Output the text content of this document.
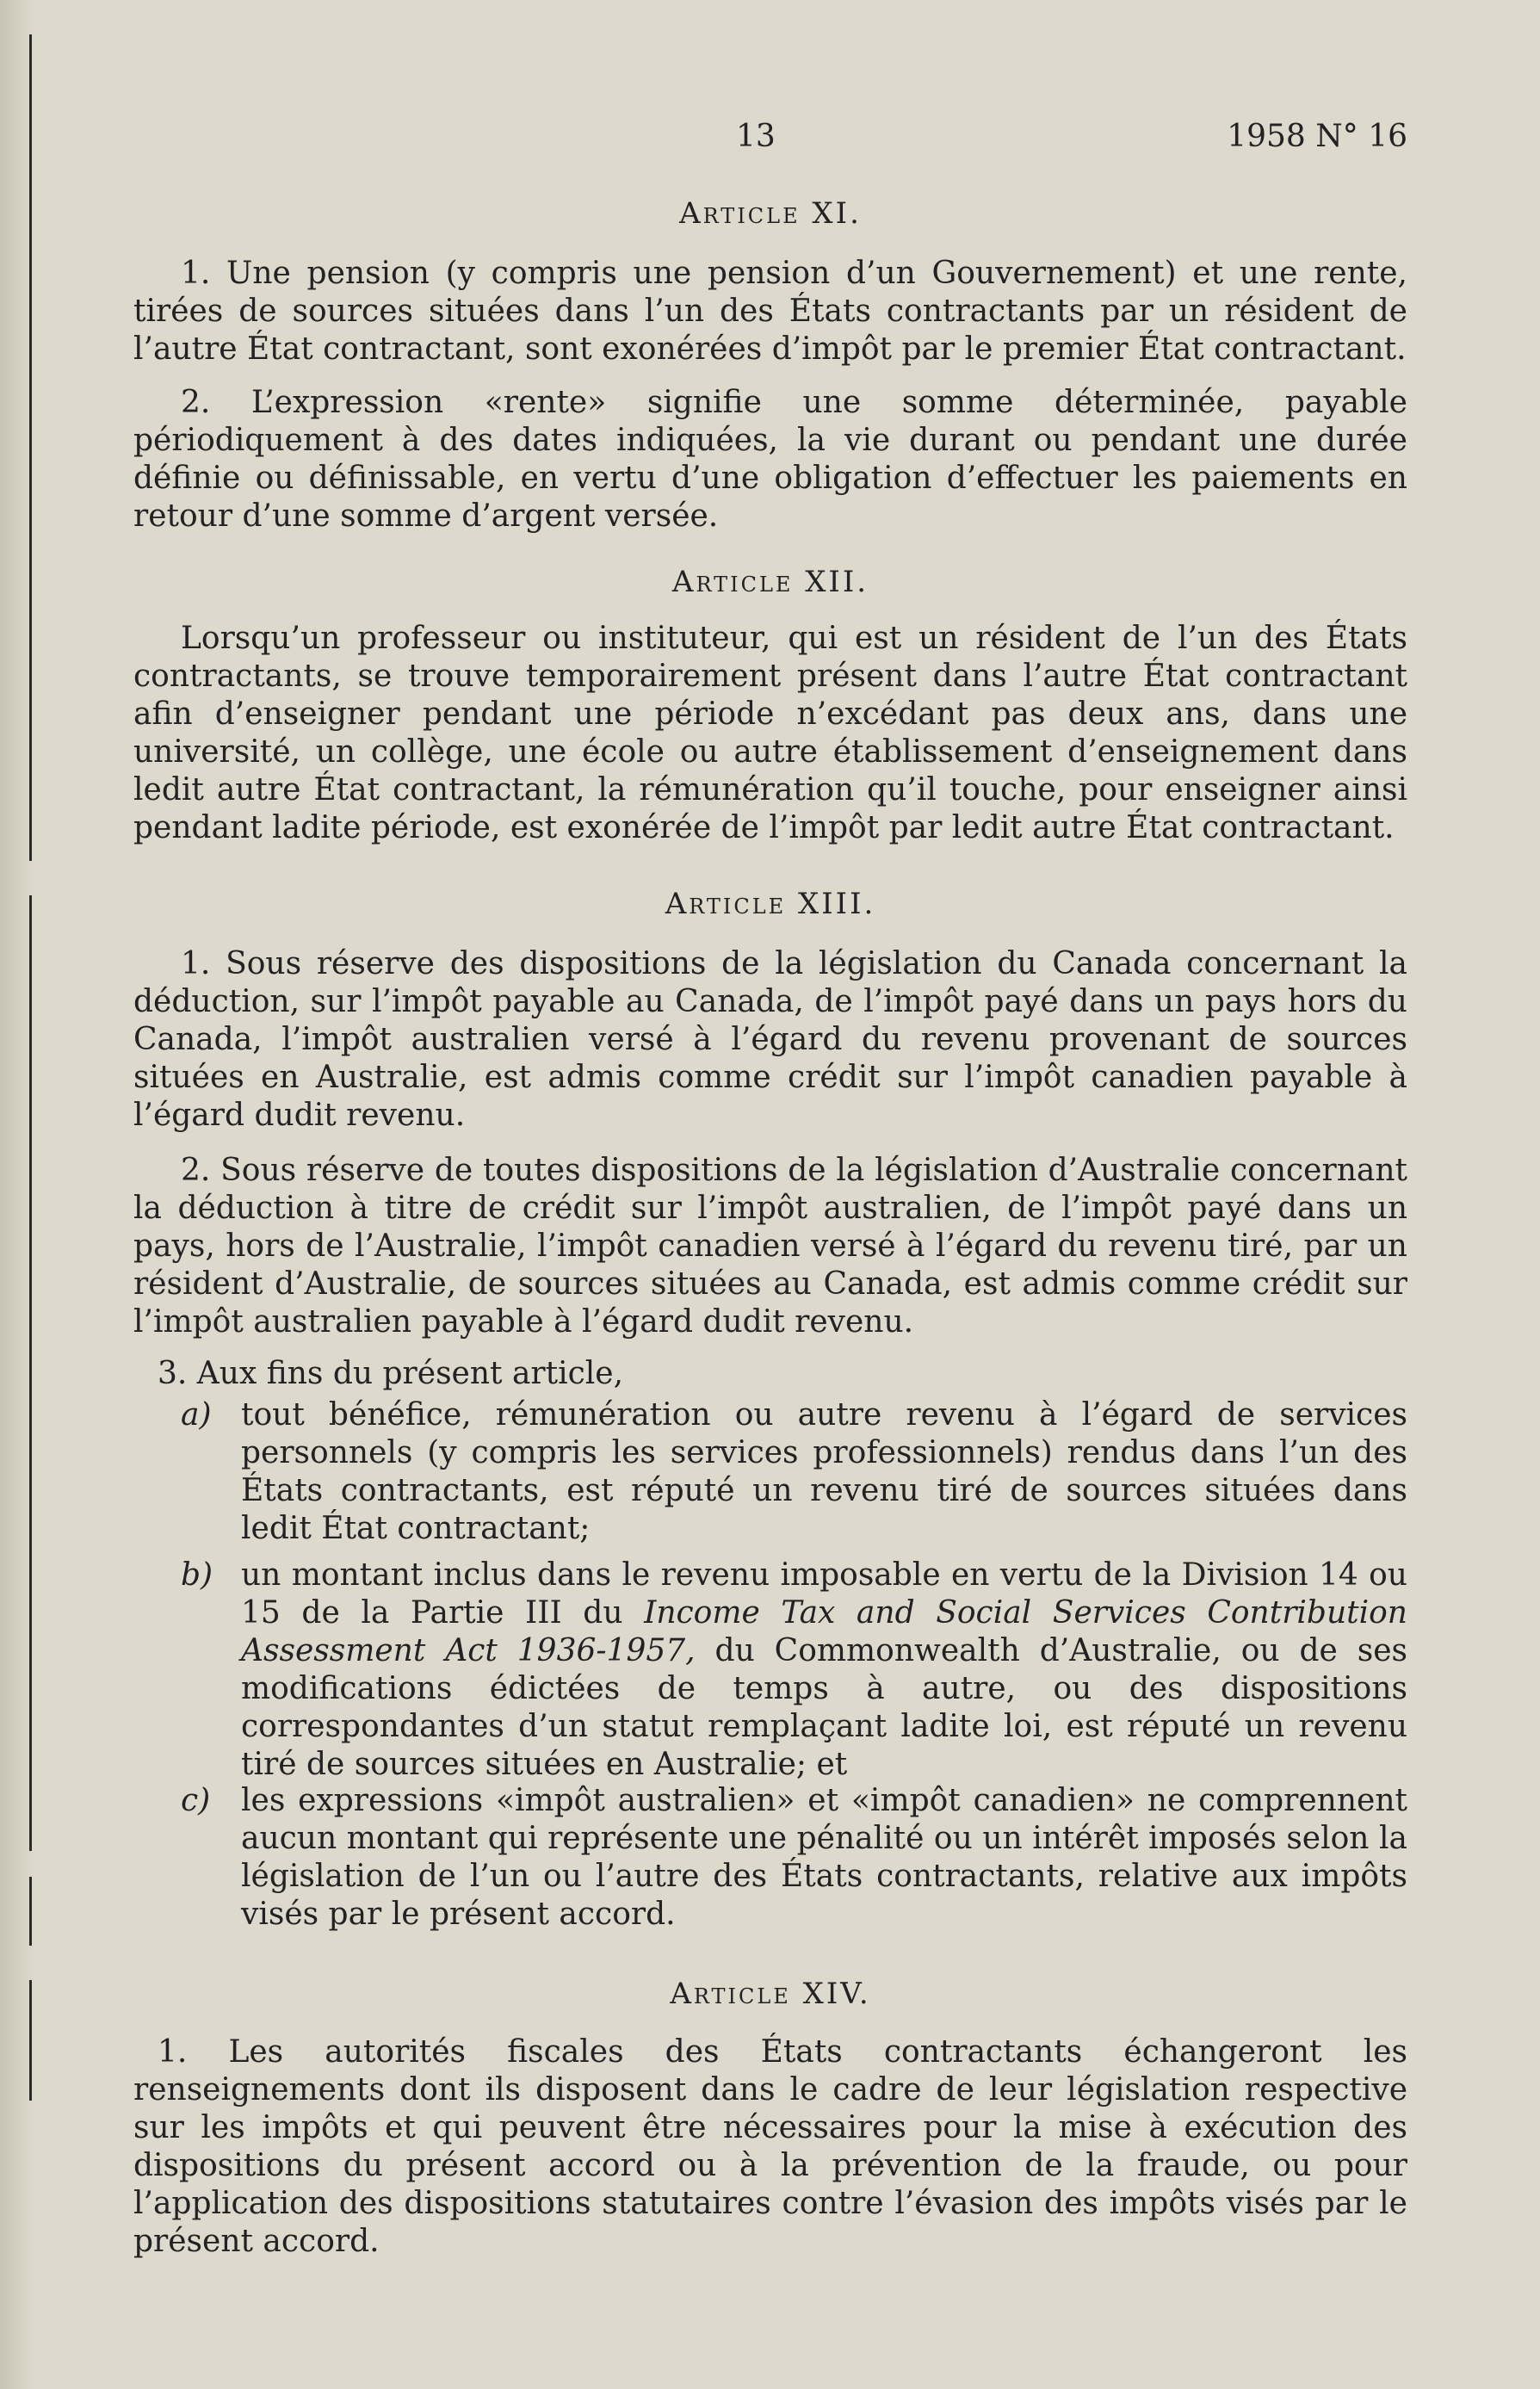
13	1958 N° 16
Article XI.
1. Une pension (y compris une pension d’un Gouvernement) et une rente, tirées de sources situées dans l’un des États contractants par un résident de l’autre État contractant, sont exonérées d’impôt par le premier État contractant.
2. L’expression «rente» signifie une somme déterminée, payable périodiquement à des dates indiquées, la vie durant ou pendant une durée définie ou définissable, en vertu d’une obligation d’effectuer les paiements en retour d’une somme d’argent versée.
Article XII.
Lorsqu’un professeur ou instituteur, qui est un résident de l’un des États contractants, se trouve temporairement présent dans l’autre État contractant afin d’enseigner pendant une période n’excédant pas deux ans, dans une université, un collège, une école ou autre établissement d’enseignement dans ledit autre État contractant, la rémunération qu’il touche, pour enseigner ainsi pendant ladite période, est exonérée de l’impôt par ledit autre État contractant.
Article XIII.
1. Sous réserve des dispositions de la législation du Canada concernant la déduction, sur l’impôt payable au Canada, de l’impôt payé dans un pays hors du Canada, l’impôt australien versé à l’égard du revenu provenant de sources situées en Australie, est admis comme crédit sur l’impôt canadien payable à l’égard dudit revenu.
2. Sous réserve de toutes dispositions de la législation d’Australie concernant la déduction à titre de crédit sur l’impôt australien, de l’impôt payé dans un pays, hors de l’Australie, l’impôt canadien versé à l’égard du revenu tiré, par un résident d’Australie, de sources situées au Canada, est admis comme crédit sur l’impôt australien payable à l’égard dudit revenu.
3. Aux fins du présent article,
a) tout bénéfice, rémunération ou autre revenu à l’égard de services personnels (y compris les services professionnels) rendus dans l’un des États contractants, est réputé un revenu tiré de sources situées dans ledit État contractant;
b) un montant inclus dans le revenu imposable en vertu de la Division 14 ou 15 de la Partie III du Income Tax and Social Services Contribution Assessment Act 1936-1957, du Commonwealth d’Australie, ou de ses modifications édictées de temps à autre, ou des dispositions correspondantes d’un statut remplaçant ladite loi, est réputé un revenu tiré de sources situées en Australie; et
c) les expressions «impôt australien» et «impôt canadien» ne comprennent aucun montant qui représente une pénalité ou un intérêt imposés selon la législation de l’un ou l’autre des États contractants, relative aux impôts visés par le présent accord.
Article XIV.
1. Les autorités fiscales des États contractants échangeront les renseignements dont ils disposent dans le cadre de leur législation respective sur les impôts et qui peuvent être nécessaires pour la mise à exécution des dispositions du présent accord ou à la prévention de la fraude, ou pour l’application des dispositions statutaires contre l’évasion des impôts visés par le présent accord.
